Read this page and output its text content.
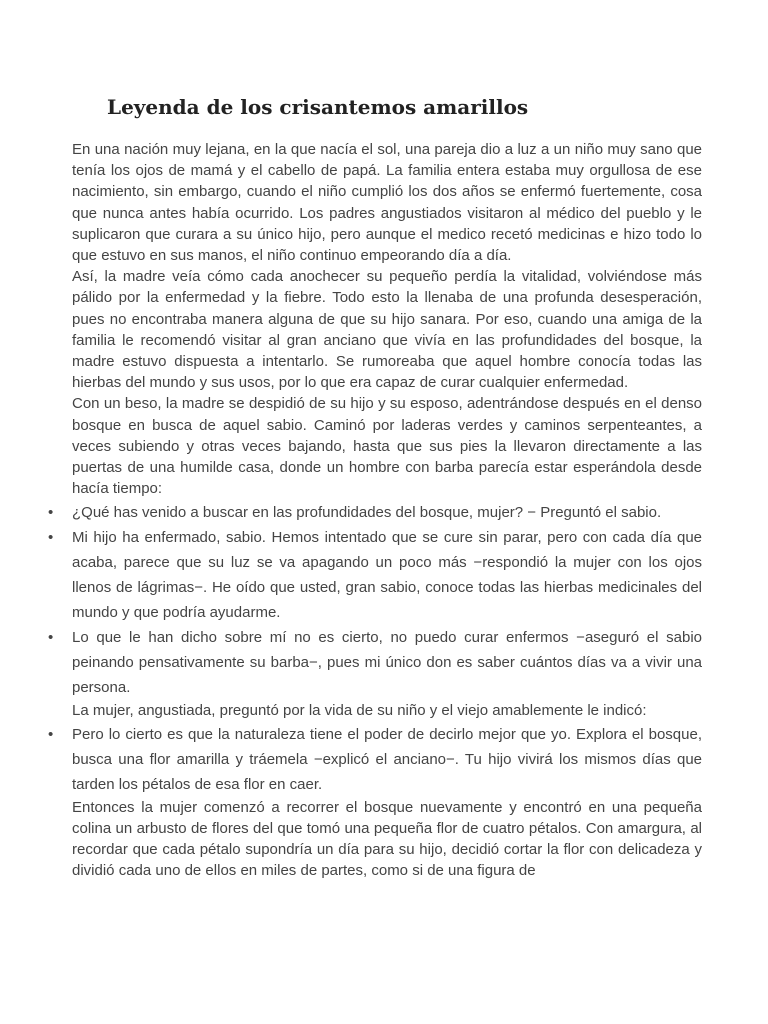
Leyenda de los crisantemos amarillos

En una nación muy lejana, en la que nacía el sol, una pareja dio a luz a un niño muy sano que tenía los ojos de mamá y el cabello de papá. La familia entera estaba muy orgullosa de ese nacimiento, sin embargo, cuando el niño cumplió los dos años se enfermó fuertemente, cosa que nunca antes había ocurrido. Los padres angustiados visitaron al médico del pueblo y le suplicaron que curara a su único hijo, pero aunque el medico recetó medicinas e hizo todo lo que estuvo en sus manos, el niño continuo empeorando día a día.

Así, la madre veía cómo cada anochecer su pequeño perdía la vitalidad, volviéndose más pálido por la enfermedad y la fiebre. Todo esto la llenaba de una profunda desesperación, pues no encontraba manera alguna de que su hijo sanara. Por eso, cuando una amiga de la familia le recomendó visitar al gran anciano que vivía en las profundidades del bosque, la madre estuvo dispuesta a intentarlo. Se rumoreaba que aquel hombre conocía todas las hierbas del mundo y sus usos, por lo que era capaz de curar cualquier enfermedad.

Con un beso, la madre se despidió de su hijo y su esposo, adentrándose después en el denso bosque en busca de aquel sabio. Caminó por laderas verdes y caminos serpenteantes, a veces subiendo y otras veces bajando, hasta que sus pies la llevaron directamente a las puertas de una humilde casa, donde un hombre con barba parecía estar esperándola desde hacía tiempo:

• ¿Qué has venido a buscar en las profundidades del bosque, mujer? − Preguntó el sabio.
• Mi hijo ha enfermado, sabio. Hemos intentado que se cure sin parar, pero con cada día que acaba, parece que su luz se va apagando un poco más −respondió la mujer con los ojos llenos de lágrimas−. He oído que usted, gran sabio, conoce todas las hierbas medicinales del mundo y que podría ayudarme.
• Lo que le han dicho sobre mí no es cierto, no puedo curar enfermos −aseguró el sabio peinando pensativamente su barba−, pues mi único don es saber cuántos días va a vivir una persona.

La mujer, angustiada, preguntó por la vida de su niño y el viejo amablemente le indicó:

• Pero lo cierto es que la naturaleza tiene el poder de decirlo mejor que yo. Explora el bosque, busca una flor amarilla y tráemela −explicó el anciano−. Tu hijo vivirá los mismos días que tarden los pétalos de esa flor en caer.

Entonces la mujer comenzó a recorrer el bosque nuevamente y encontró en una pequeña colina un arbusto de flores del que tomó una pequeña flor de cuatro pétalos. Con amargura, al recordar que cada pétalo supondría un día para su hijo, decidió cortar la flor con delicadeza y dividió cada uno de ellos en miles de partes, como si de una figura de
